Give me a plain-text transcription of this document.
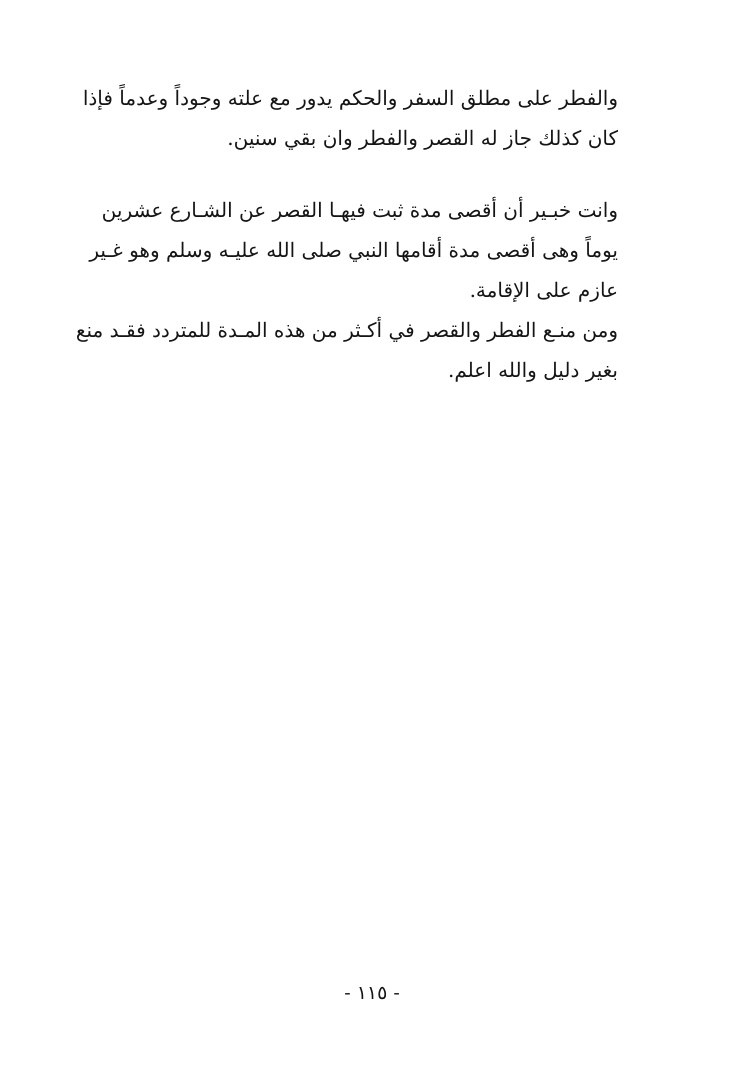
والفطر على مطلق السفر والحكم يدور مع علته وجوداً وعدماً فإذا
كان كذلك جاز له القصر والفطر وان بقي سنين.
وانت خبـير أن أقصى مدة ثبت فيهـا القصر عن الشـارع عشرين
يوماً وهى أقصى مدة أقامها النبي صلى الله عليـه وسلم وهو غـير
عازم على الإقامة.
ومن منـع الفطر والقصر في أكـثر من هذه المـدة للمتردد فقـد منع
بغير دليل والله اعلم.
- ١١٥ -
